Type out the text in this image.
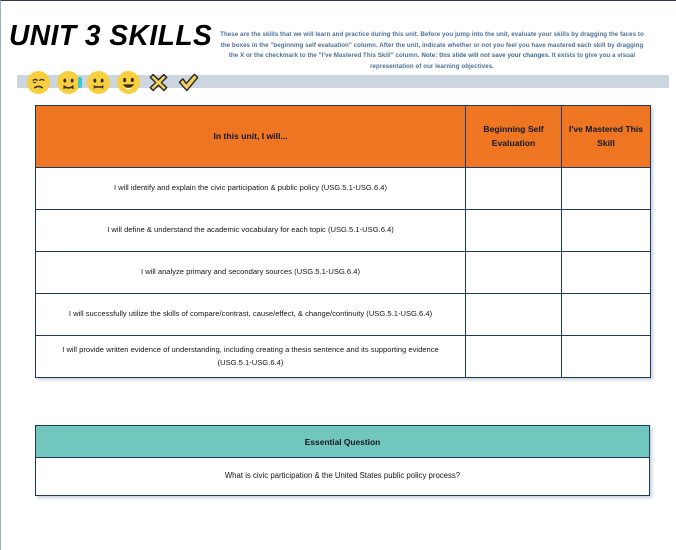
UNIT 3 SKILLS	These are the skills that we will learn and practice during this unit. Before you jump into the unit, evaluate your skills by dragging the faces to the boxes in the "beginning self evaluation" column. After the unit, indicate whether or not you feel you have mastered each skill by dragging the X or the checkmark to the "I've Mastered This Skill" column. Note: this slide will not save your changes. It exists to give you a visual representation of our learning objectives.
In this unit, I will...	Beginning Self Evaluation	I've Mastered This Skill
I will identify and explain the civic participation & public policy (USG.5.1-USG.6.4)		
I will define & understand the academic vocabulary for each topic (USG.5.1-USG.6.4)		
I will analyze primary and secondary sources (USG.5.1-USG.6.4)		
I will successfully utilize the skills of compare/contrast, cause/effect, & change/continuity (USG.5.1-USG.6.4)		
I will provide written evidence of understanding, including creating a thesis sentence and its supporting evidence (USG.5.1-USG.6.4)		
Essential Question
What is civic participation & the United States public policy process?
